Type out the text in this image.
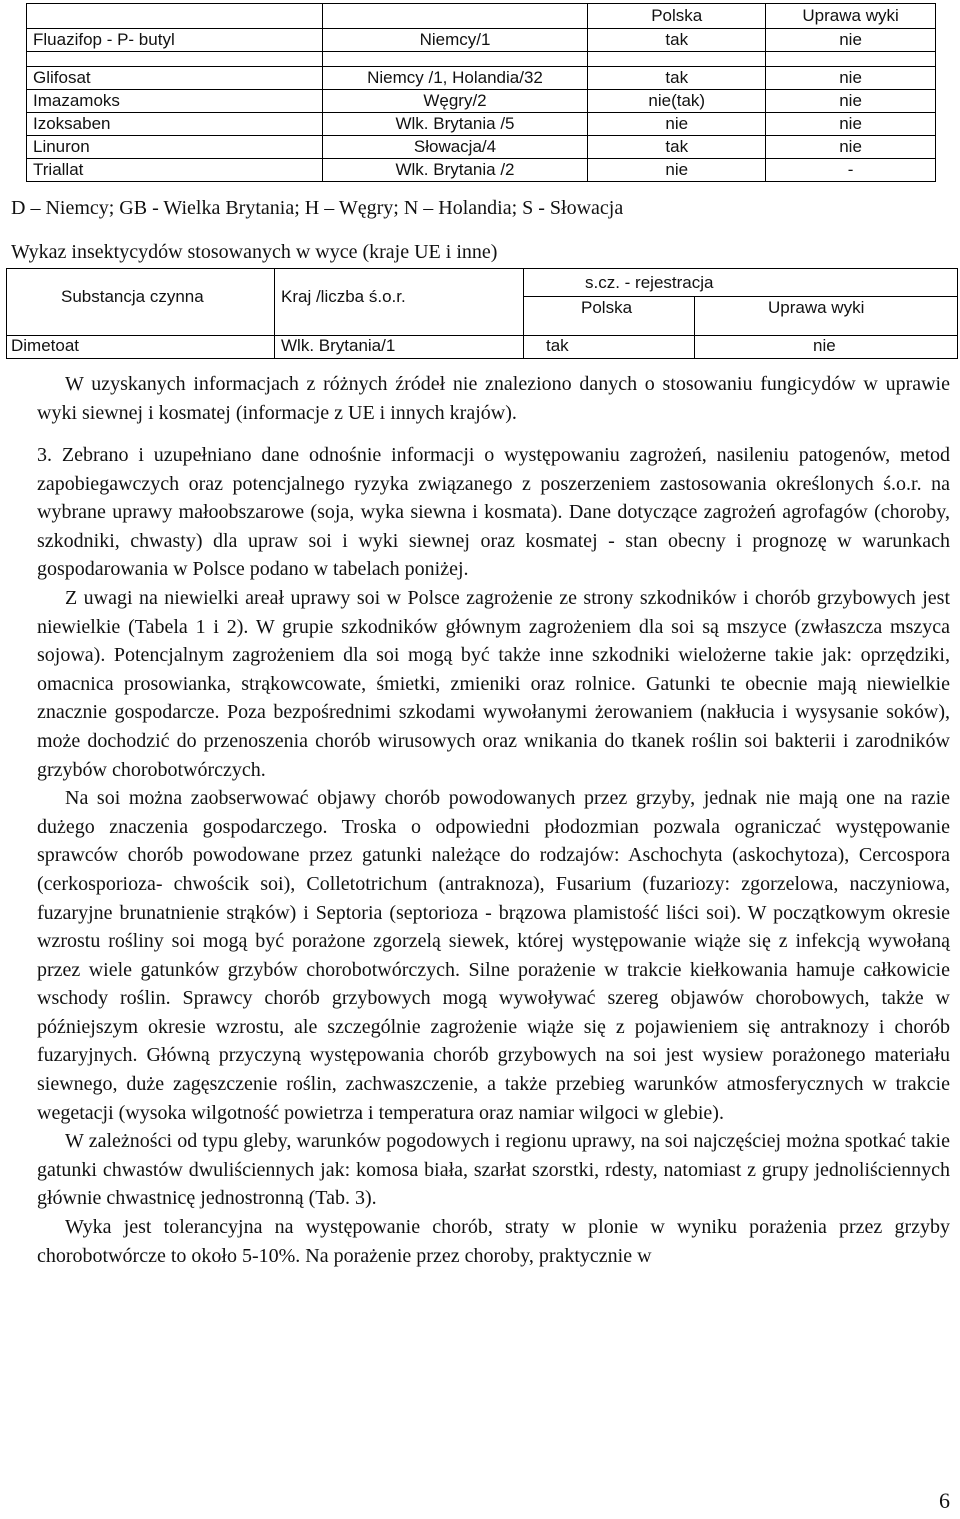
		Polska	Uprawa wyki
Fluazifop - P- butyl	Niemcy/1	tak	nie

Glifosat	Niemcy /1, Holandia/32	tak	nie
Imazamoks	Węgry/2	nie(tak)	nie
Izoksaben	Wlk. Brytania /5	nie	nie
Linuron	Słowacja/4	tak	nie
Triallat	Wlk. Brytania /2	nie	-
D – Niemcy; GB - Wielka Brytania; H – Węgry; N – Holandia; S - Słowacja
Wykaz insektycydów stosowanych w wyce (kraje UE i inne)
Substancja czynna	Kraj /liczba ś.o.r.
s.cz. - rejestracja
Polska	Uprawa wyki
Dimetoat	Wlk. Brytania/1	tak	nie
W uzyskanych informacjach z różnych źródeł nie znaleziono danych o stosowaniu fungicydów w uprawie wyki siewnej i kosmatej (informacje z UE i innych krajów).
3. Zebrano i uzupełniano dane odnośnie informacji o występowaniu zagrożeń, nasileniu patogenów, metod zapobiegawczych oraz potencjalnego ryzyka związanego z poszerzeniem zastosowania określonych ś.o.r. na wybrane uprawy małoobszarowe (soja, wyka siewna i kosmata). Dane dotyczące zagrożeń agrofagów (choroby, szkodniki, chwasty) dla upraw soi i wyki siewnej oraz kosmatej - stan obecny i prognozę w warunkach gospodarowania w Polsce podano w tabelach poniżej.
Z uwagi na niewielki areał uprawy soi w Polsce zagrożenie ze strony szkodników i chorób grzybowych jest niewielkie (Tabela 1 i 2). W grupie szkodników głównym zagrożeniem dla soi są mszyce (zwłaszcza mszyca sojowa). Potencjalnym zagrożeniem dla soi mogą być także inne szkodniki wielożerne takie jak: oprzędziki, omacnica prosowianka, strąkowcowate, śmietki, zmieniki oraz rolnice. Gatunki te obecnie mają niewielkie znacznie gospodarcze. Poza bezpośrednimi szkodami wywołanymi żerowaniem (nakłucia i wysysanie soków), może dochodzić do przenoszenia chorób wirusowych oraz wnikania do tkanek roślin soi bakterii i zarodników grzybów chorobotwórczych.
Na soi można zaobserwować objawy chorób powodowanych przez grzyby, jednak nie mają one na razie dużego znaczenia gospodarczego. Troska o odpowiedni płodozmian pozwala ograniczać występowanie sprawców chorób powodowane przez gatunki należące do rodzajów: Aschochyta (askochytoza), Cercospora (cerkosporioza- chwościk soi), Colletotrichum (antraknoza), Fusarium (fuzariozy: zgorzelowa, naczyniowa, fuzaryjne brunatnienie strąków) i Septoria (septorioza - brązowa plamistość liści soi). W początkowym okresie wzrostu rośliny soi mogą być porażone zgorzelą siewek, której występowanie wiąże się z infekcją wywołaną przez wiele gatunków grzybów chorobotwórczych. Silne porażenie w trakcie kiełkowania hamuje całkowicie wschody roślin. Sprawcy chorób grzybowych mogą wywoływać szereg objawów chorobowych, także w późniejszym okresie wzrostu, ale szczególnie zagrożenie wiąże się z pojawieniem się antraknozy i chorób fuzaryjnych. Główną przyczyną występowania chorób grzybowych na soi jest wysiew porażonego materiału siewnego, duże zagęszczenie roślin, zachwaszczenie, a także przebieg warunków atmosferycznych w trakcie wegetacji (wysoka wilgotność powietrza i temperatura oraz namiar wilgoci w glebie).
W zależności od typu gleby, warunków pogodowych i regionu uprawy, na soi najczęściej można spotkać takie gatunki chwastów dwuliściennych jak: komosa biała, szarłat szorstki, rdesty, natomiast z grupy jednoliściennych głównie chwastnicę jednostronną (Tab. 3).
Wyka jest tolerancyjna na występowanie chorób, straty w plonie w wyniku porażenia przez grzyby chorobotwórcze to około 5-10%. Na porażenie przez choroby, praktycznie w
6
